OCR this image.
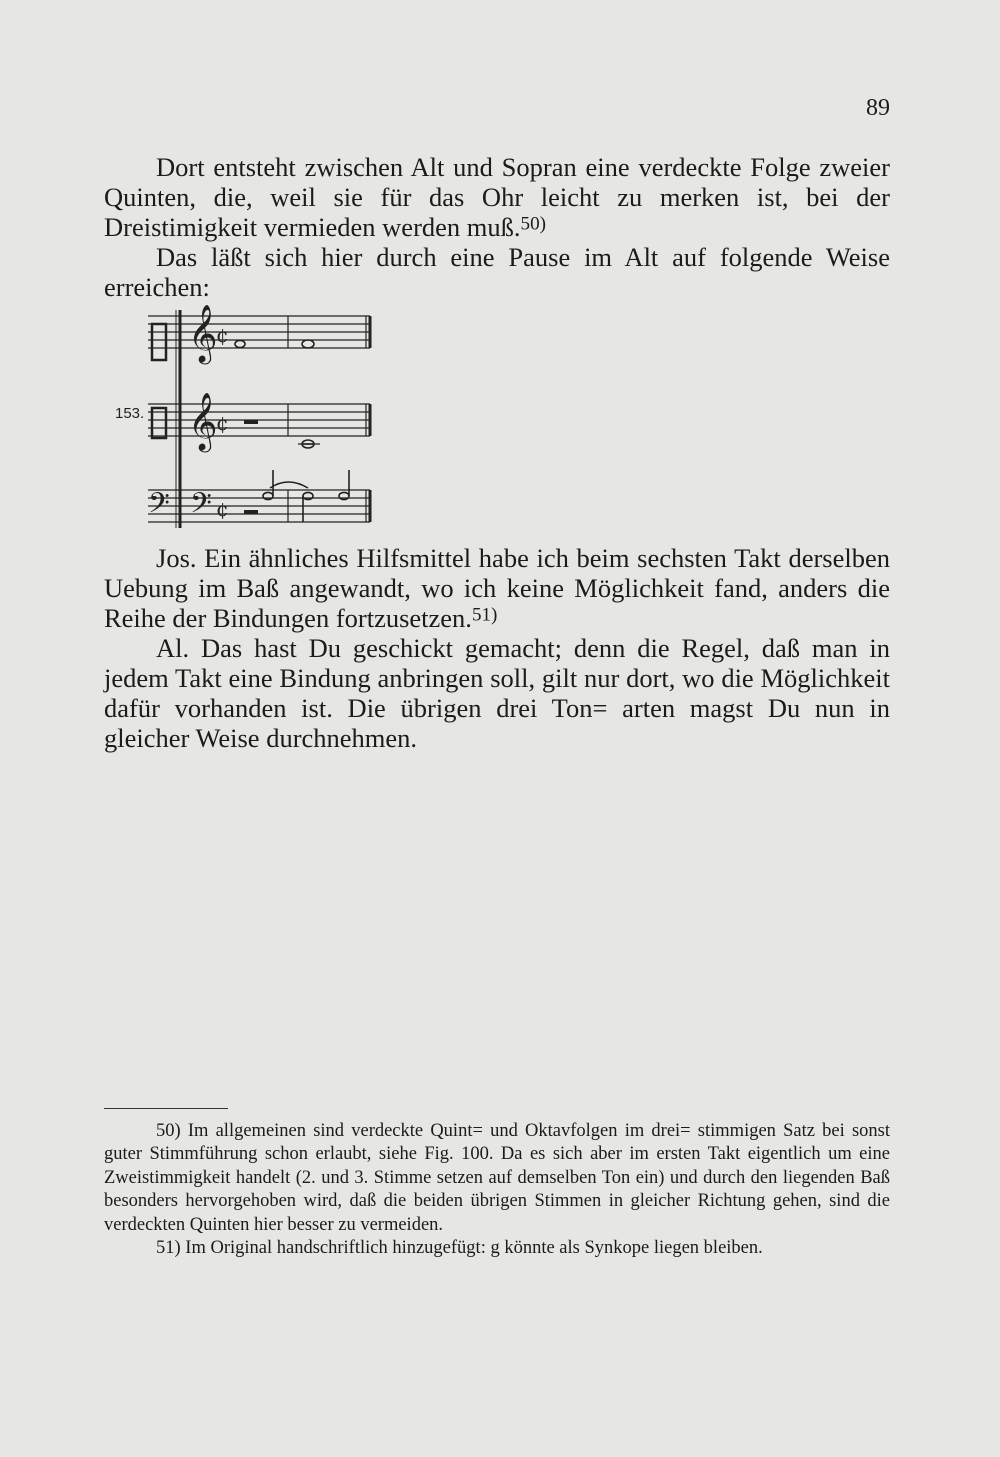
89

Dort entsteht zwischen Alt und Sopran eine verdeckte Folge zweier Quinten, die, weil sie für das Ohr leicht zu merken ist, bei der Dreistimigkeit vermieden werden muß.$^{50)}$

Das läßt sich hier durch eine Pause im Alt auf folgende Weise erreichen:

𝄞
𝄞
𝄢 𝄢
¢
¢
¢
153.

Jos. Ein ähnliches Hilfsmittel habe ich beim sechsten Takt derselben Uebung im Baß angewandt, wo ich keine Möglichkeit fand, anders die Reihe der Bindungen fortzusetzen.$^{51)}$

Al. Das hast Du geschickt gemacht; denn die Regel, daß man in jedem Takt eine Bindung anbringen soll, gilt nur dort, wo die Möglichkeit dafür vorhanden ist. Die übrigen drei Ton= arten magst Du nun in gleicher Weise durchnehmen.

50) Im allgemeinen sind verdeckte Quint= und Oktavfolgen im drei= stimmigen Satz bei sonst guter Stimmführung schon erlaubt, siehe Fig. 100. Da es sich aber im ersten Takt eigentlich um eine Zweistimmigkeit handelt (2. und 3. Stimme setzen auf demselben Ton ein) und durch den liegenden Baß besonders hervorgehoben wird, daß die beiden übrigen Stimmen in gleicher Richtung gehen, sind die verdeckten Quinten hier besser zu vermeiden.

51) Im Original handschriftlich hinzugefügt: g könnte als Synkope liegen bleiben.
